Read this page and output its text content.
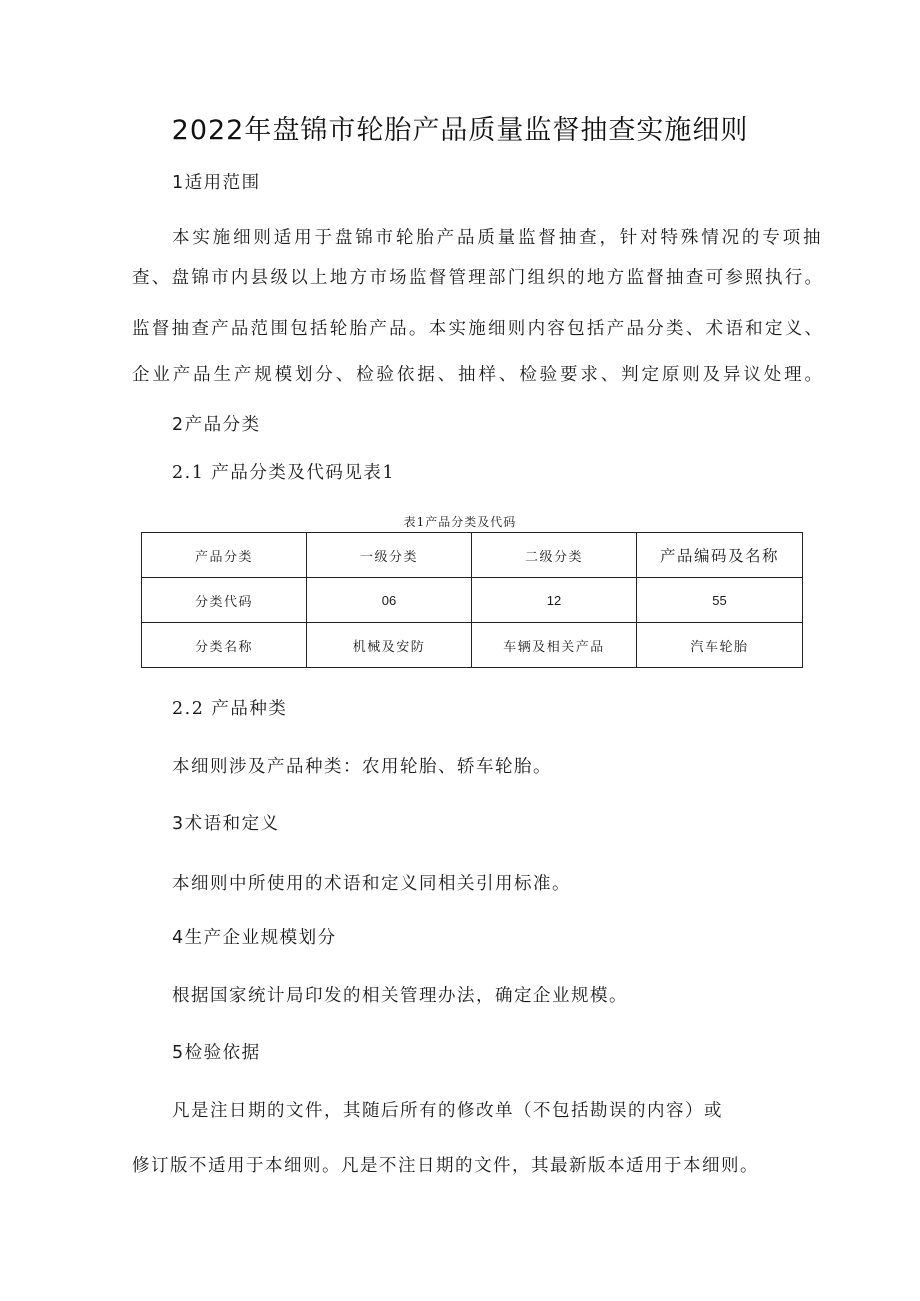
2022年盘锦市轮胎产品质量监督抽查实施细则
1适用范围
本实施细则适用于盘锦市轮胎产品质量监督抽查，针对特殊情况的专项抽
查、盘锦市内县级以上地方市场监督管理部门组织的地方监督抽查可参照执行。
监督抽查产品范围包括轮胎产品。本实施细则内容包括产品分类、术语和定义、
企业产品生产规模划分、检验依据、抽样、检验要求、判定原则及异议处理。
2产品分类
2.1 产品分类及代码见表1
表1产品分类及代码
产品分类	一级分类	二级分类	产品编码及名称
分类代码	06	12	55
分类名称	机械及安防	车辆及相关产品	汽车轮胎
2.2 产品种类
本细则涉及产品种类：农用轮胎、轿车轮胎。
3术语和定义
本细则中所使用的术语和定义同相关引用标准。
4生产企业规模划分
根据国家统计局印发的相关管理办法，确定企业规模。
5检验依据
凡是注日期的文件，其随后所有的修改单（不包括勘误的内容）或
修订版不适用于本细则。凡是不注日期的文件，其最新版本适用于本细则。
